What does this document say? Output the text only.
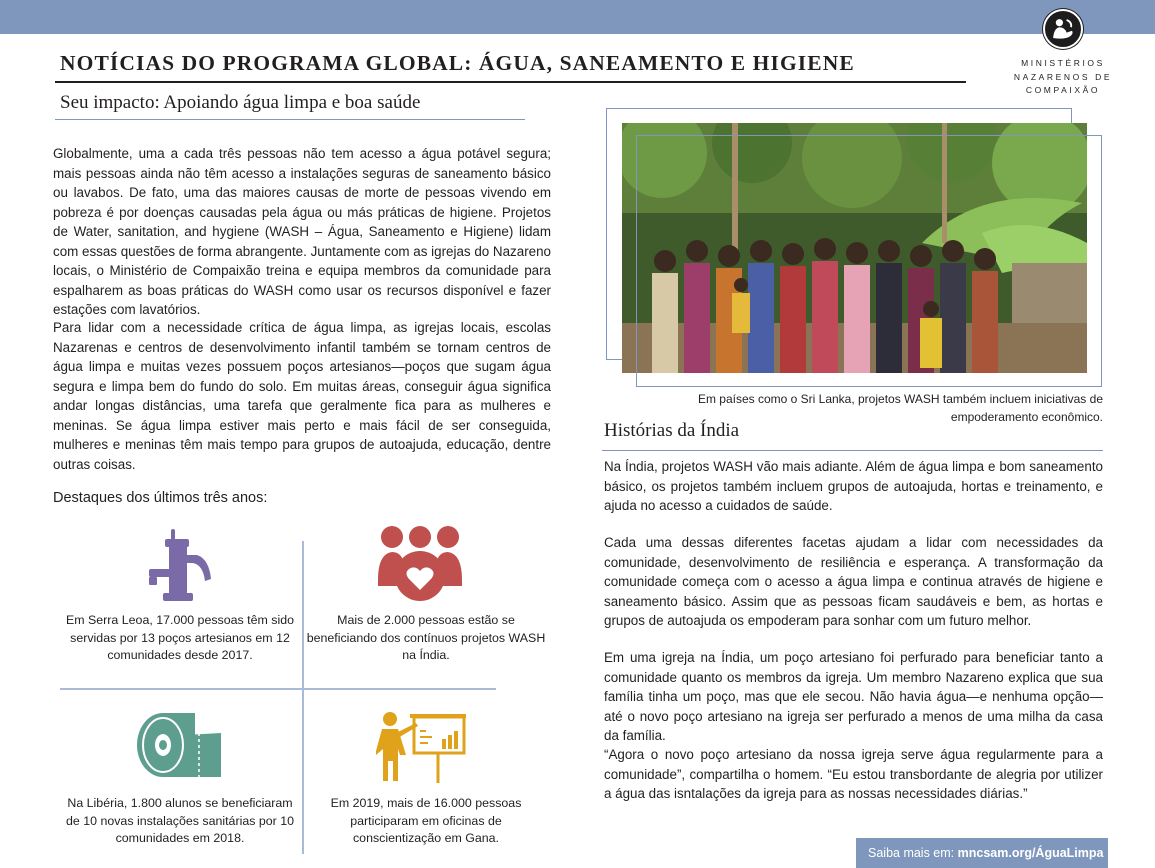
MINISTÉRIOS
NAZARENOS DE
COMPAIXÃO
NOTÍCIAS DO PROGRAMA GLOBAL: ÁGUA, SANEAMENTO E HIGIENE
Seu impacto: Apoiando água limpa e boa saúde

Globalmente, uma a cada três pessoas não tem acesso a água potável segura; mais pessoas ainda não têm acesso a instalações seguras de saneamento básico ou lavabos. De fato, uma das maiores causas de morte de pessoas vivendo em pobreza é por doenças causadas pela água ou más práticas de higiene. Projetos de Water, sanitation, and hygiene (WASH – Água, Saneamento e Higiene) lidam com essas questões de forma abrangente. Juntamente com as igrejas do Nazareno locais, o Ministério de Compaixão treina e equipa membros da comunidade para espalharem as boas práticas do WASH como usar os recursos disponível e fazer estações com lavatórios.

Para lidar com a necessidade crítica de água limpa, as igrejas locais, escolas Nazarenas e centros de desenvolvimento infantil também se tornam centros de água limpa e muitas vezes possuem poços artesianos—poços que sugam água segura e limpa bem do fundo do solo. Em muitas áreas, conseguir água significa andar longas distâncias, uma tarefa que geralmente fica para as mulheres e meninas. Se água limpa estiver mais perto e mais fácil de ser conseguida, mulheres e meninas têm mais tempo para grupos de autoajuda, educação, dentre outras coisas.

Destaques dos últimos três anos:

Em Serra Leoa, 17.000 pessoas têm sido servidas por 13 poços artesianos em 12 comunidades desde 2017.

Mais de 2.000 pessoas estão se beneficiando dos contínuos projetos WASH na Índia.

Na Libéria, 1.800 alunos se beneficiaram de 10 novas instalações sanitárias por 10 comunidades em 2018.

Em 2019, mais de 16.000 pessoas participaram em oficinas de conscientização em Gana.

Em países como o Sri Lanka, projetos WASH também incluem iniciativas de empoderamento econômico.

Histórias da Índia

Na Índia, projetos WASH vão mais adiante. Além de água limpa e bom saneamento básico, os projetos também incluem grupos de autoajuda, hortas e treinamento, e ajuda no acesso a cuidados de saúde.

Cada uma dessas diferentes facetas ajudam a lidar com necessidades da comunidade, desenvolvimento de resiliência e esperança. A transformação da comunidade começa com o acesso a água limpa e continua através de higiene e saneamento básico. Assim que as pessoas ficam saudáveis e bem, as hortas e grupos de autoajuda os empoderam para sonhar com um futuro melhor.

Em uma igreja na Índia, um poço artesiano foi perfurado para beneficiar tanto a comunidade quanto os membros da igreja. Um membro Nazareno explica que sua família tinha um poço, mas que ele secou. Não havia água—e nenhuma opção—até o novo poço artesiano na igreja ser perfurado a menos de uma milha da casa da família.

“Agora o novo poço artesiano da nossa igreja serve água regularmente para a comunidade”, compartilha o homem. “Eu estou transbordante de alegria por utilizer a água das isntalações da igreja para as nossas necessidades diárias.”

Saiba mais em: mncsam.org/ÁguaLimpa
